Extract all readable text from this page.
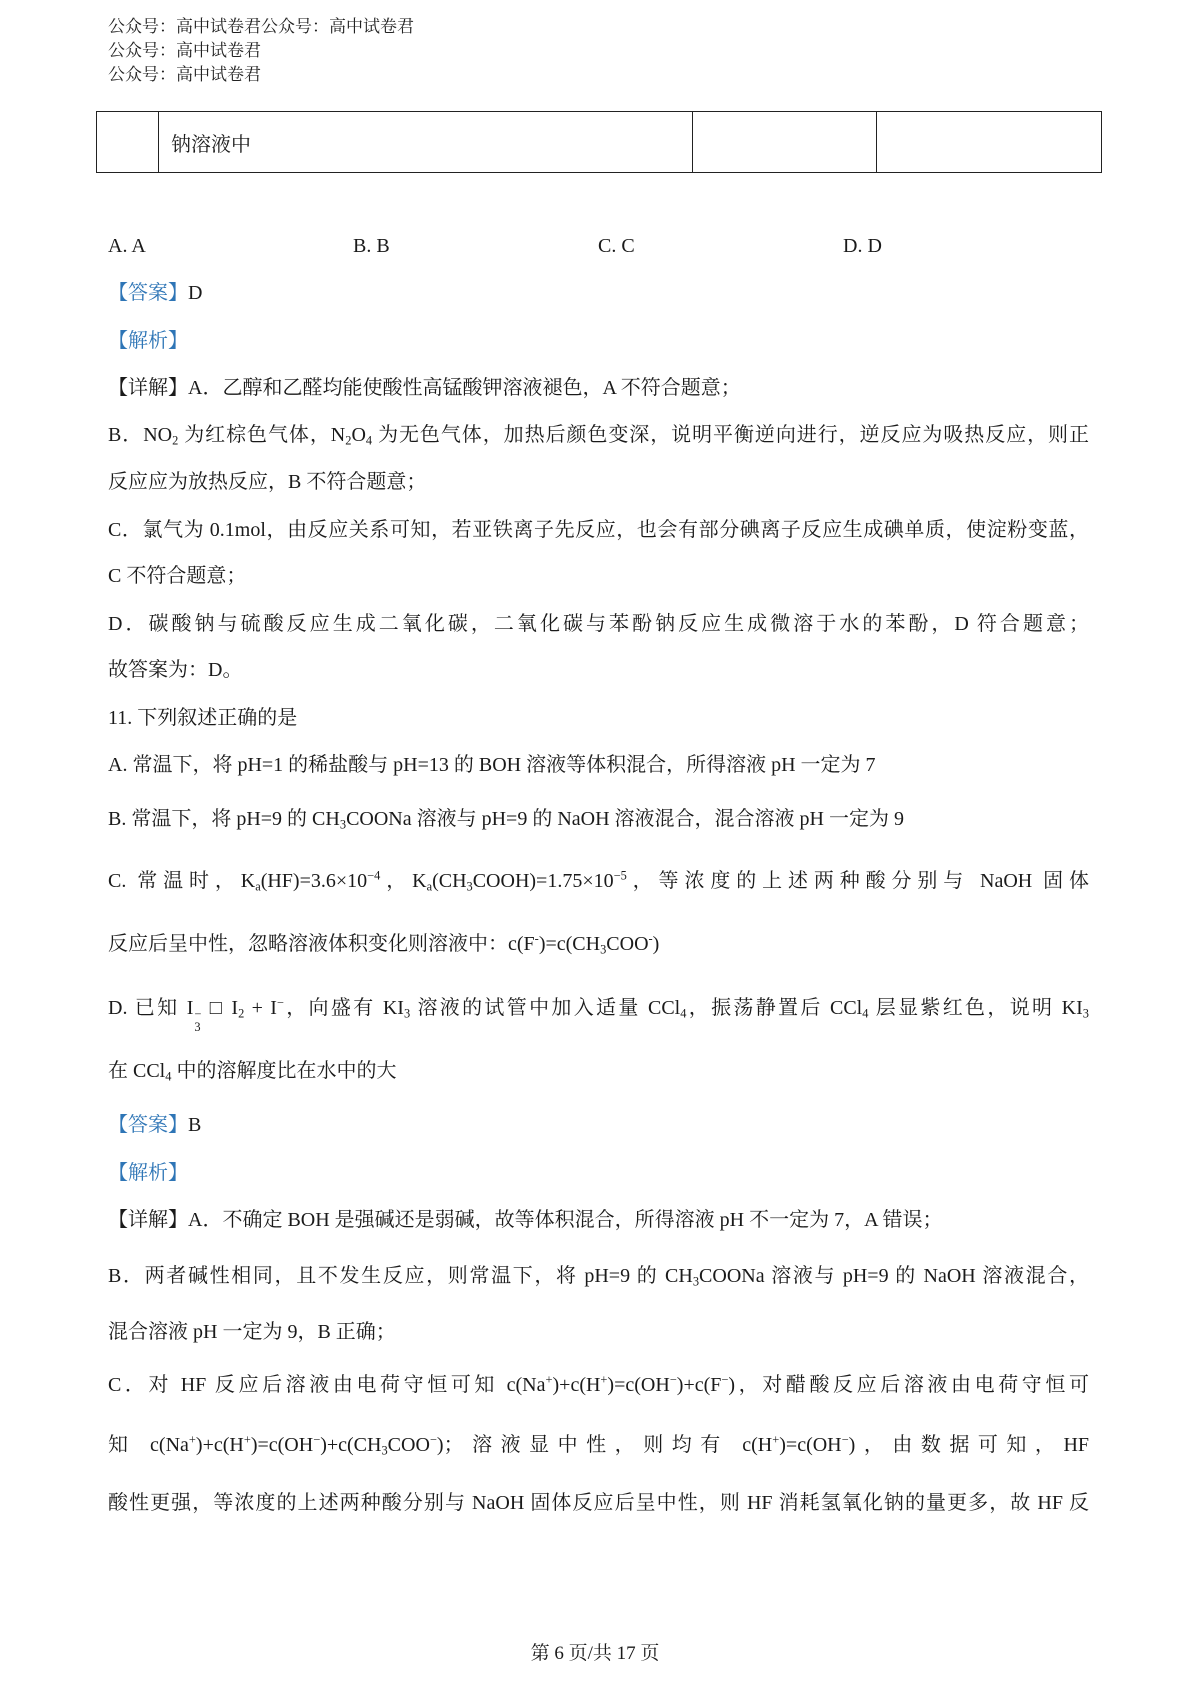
公众号：高中试卷君公众号：高中试卷君
公众号：高中试卷君
公众号：高中试卷君
	钠溶液中		
A. A	B. B	C. C	D. D
【答案】D
【解析】
【详解】A．乙醇和乙醛均能使酸性高锰酸钾溶液褪色，A 不符合题意；
B．$NO_2$ 为红棕色气体，$N_2O_4$ 为无色气体，加热后颜色变深，说明平衡逆向进行，逆反应为吸热反应，则正
反应应为放热反应，B 不符合题意；
C．氯气为 0.1mol，由反应关系可知，若亚铁离子先反应，也会有部分碘离子反应生成碘单质，使淀粉变蓝，
C 不符合题意；
D．碳酸钠与硫酸反应生成二氧化碳，二氧化碳与苯酚钠反应生成微溶于水的苯酚，D 符合题意；
故答案为：D。
11. 下列叙述正确的是
A. 常温下，将 pH=1 的稀盐酸与 pH=13 的 BOH 溶液等体积混合，所得溶液 pH 一定为 7
B. 常温下，将 pH=9 的 $CH_3COONa$ 溶液与 pH=9 的 NaOH 溶液混合，混合溶液 pH 一定为 9
C. 常温时，$K_a(HF)=3.6\times 10^{-4}$，$K_a(CH_3COOH)=1.75\times 10^{-5}$，等浓度的上述两种酸分别与 NaOH 固体
反应后呈中性，忽略溶液体积变化则溶液中：$c(F^-)=c(CH_3COO^-)$
D. 已知 I −
3
□ $I_2 + I^-$，向盛有 $KI_3$ 溶液的试管中加入适量 CCl$_4$，振荡静置后 CCl$_4$ 层显紫红色，说明 $KI_3$
在 CCl$_4$ 中的溶解度比在水中的大
【答案】B
【解析】
【详解】A．不确定 BOH 是强碱还是弱碱，故等体积混合，所得溶液 pH 不一定为 7，A 错误；
B．两者碱性相同，且不发生反应，则常温下，将 pH=9 的 $CH_3COONa$ 溶液与 pH=9 的 NaOH 溶液混合，
混合溶液 pH 一定为 9，B 正确；
C．对 HF 反应后溶液由电荷守恒可知 c(Na+)+c(H+)=c(OH−)+c(F−)，对醋酸反应后溶液由电荷守恒可
知 $c(Na^+)+c(H^+)=c(OH^-)+c(CH_3COO^-)$；溶液显中性，则均有 c(H+)=c(OH−)，由数据可知，HF
酸性更强，等浓度的上述两种酸分别与 NaOH 固体反应后呈中性，则 HF 消耗氢氧化钠的量更多，故 HF 反
第 6 页/共 17 页
